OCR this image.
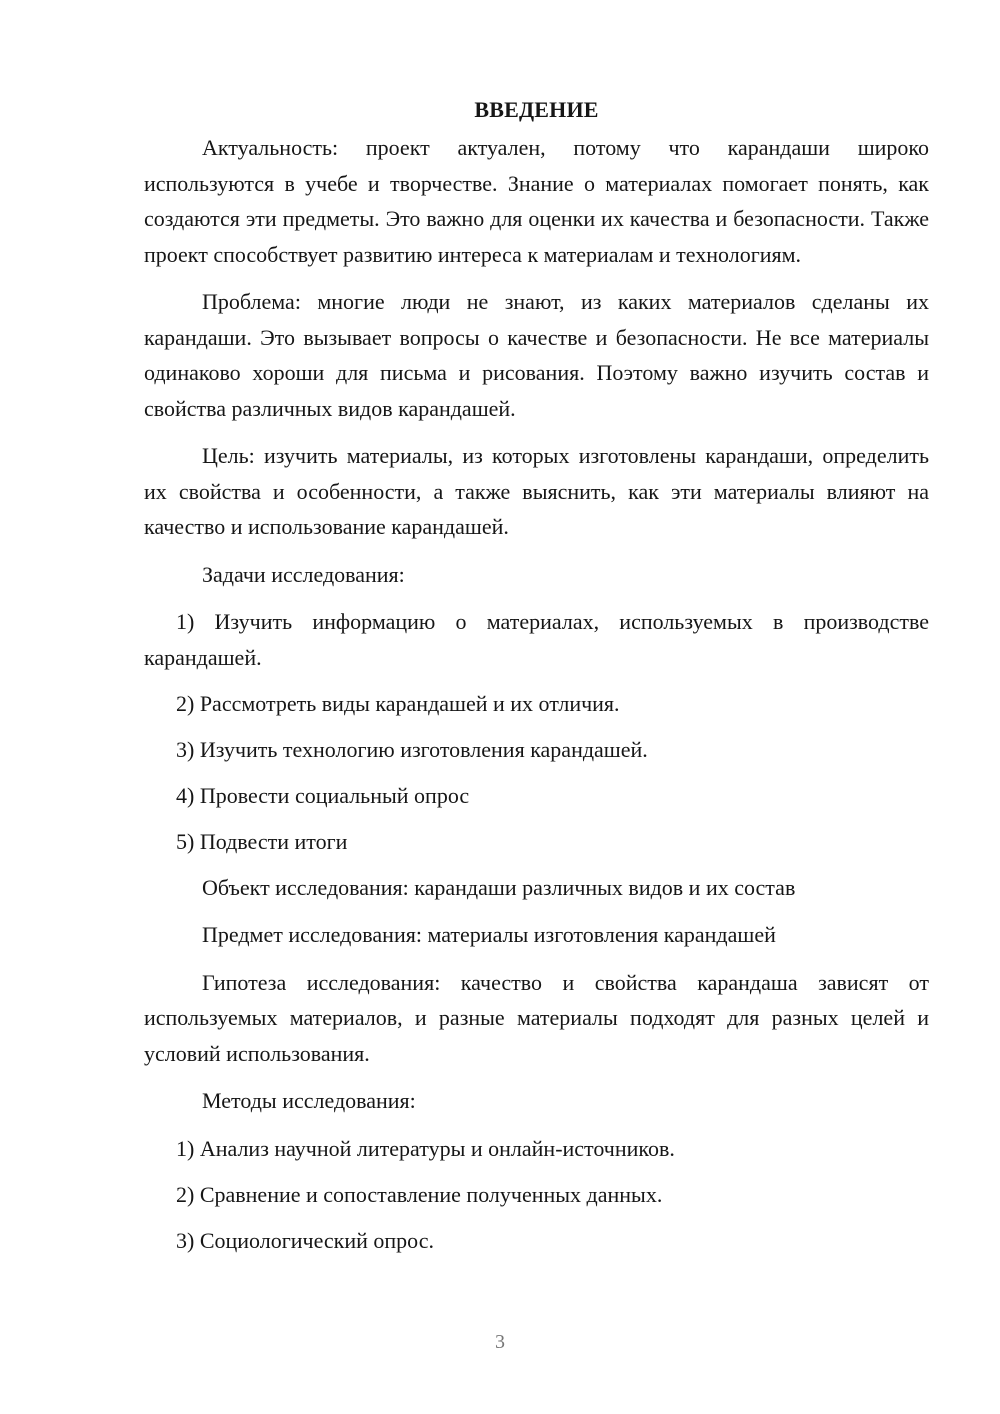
ВВЕДЕНИЕ

Актуальность: проект актуален, потому что карандаши широко используются в учебе и творчестве. Знание о материалах помогает понять, как создаются эти предметы. Это важно для оценки их качества и безопасности. Также проект способствует развитию интереса к материалам и технологиям.

Проблема: многие люди не знают, из каких материалов сделаны их карандаши. Это вызывает вопросы о качестве и безопасности. Не все материалы одинаково хороши для письма и рисования. Поэтому важно изучить состав и свойства различных видов карандашей.

Цель: изучить материалы, из которых изготовлены карандаши, определить их свойства и особенности, а также выяснить, как эти материалы влияют на качество и использование карандашей.

Задачи исследования:

1) Изучить информацию о материалах, используемых в производстве карандашей.

2) Рассмотреть виды карандашей и их отличия.

3) Изучить технологию изготовления карандашей.

4) Провести социальный опрос

5) Подвести итоги

Объект исследования: карандаши различных видов и их состав

Предмет исследования: материалы изготовления карандашей

Гипотеза исследования: качество и свойства карандаша зависят от используемых материалов, и разные материалы подходят для разных целей и условий использования.

Методы исследования:

1) Анализ научной литературы и онлайн-источников.

2) Сравнение и сопоставление полученных данных.

3) Социологический опрос.

3
